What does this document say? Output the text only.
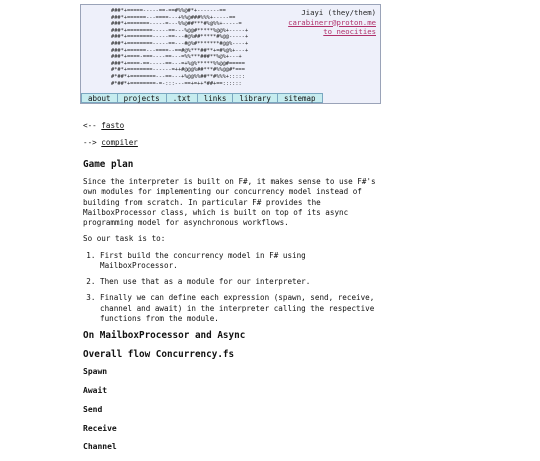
###*+=====-----==-==#%%@#*+-------==
###*+======---====---+%%@###%%%+-----==
###*+=======-----=---%%@##***#%@%%+-----=
###*+========-----==---%@@#*****%@@%+-----+
###*+========-----==---#@%##*****#%@@-----+
###*+========-----==---#@%#*******#@@%----+
###*+======---====--==#@%***##**+=#%@%+---+
###*+====-===----==---=%%***###**%@%+---+
###*+====-==-----==---=+%@%*****%%@@#=====
#*#*+========------=++#@@@%##***#%%@@#*===
#*##*+========---==---+%@@%%##**#%%%+:::::
#*##*+========-=-:::---==+=++*##+==::::::
Jiayi (they/them)
carabinerr@proton.me
to neocities
about	projects	.txt	links	library	sitemap
<-- fasto
--> compiler
Game plan

Since the interpreter is built on F#, it makes sense to use F#'s own modules for implementing our concurrency model instead of building from scratch. In particular F# provides the MailboxProcessor class, which is built on top of its async programming model for asynchronous workflows.

So our task is to:

1. First build the concurrency model in F# using MailboxProcessor.
2. Then use that as a module for our interpreter.
3. Finally we can define each expression (spawn, send, receive, channel and await) in the interpreter calling the respective functions from the module.
On MailboxProcessor and Async
Overall flow Concurrency.fs
Spawn
Await
Send
Receive
Channel
